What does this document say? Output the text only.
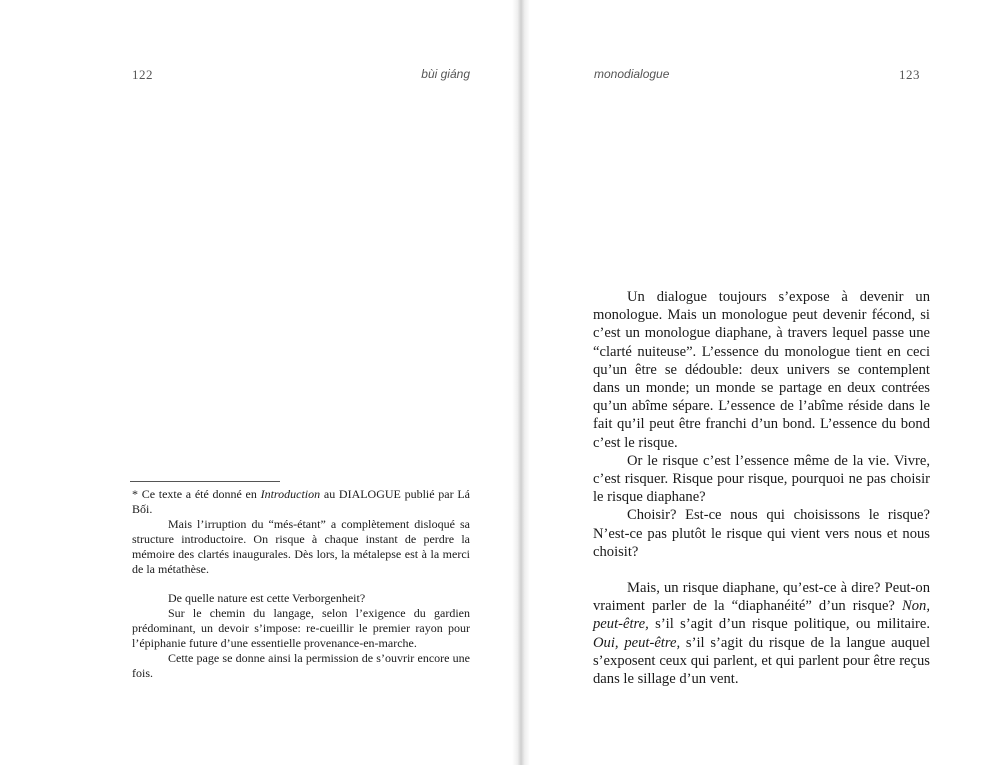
122	bùi giáng

* Ce texte a été donné en Introduction au DIALOGUE publié par Lá Bối.

Mais l’irruption du “més-étant” a complètement disloqué sa structure introductoire. On risque à chaque instant de perdre la mémoire des clartés inaugurales. Dès lors, la métalepse est à la merci de la métathèse.

De quelle nature est cette Verborgenheit?

Sur le chemin du langage, selon l’exigence du gardien prédominant, un devoir s’impose: re-cueillir le premier rayon pour l’épiphanie future d’une essentielle provenance-en-marche.

Cette page se donne ainsi la permission de s’ouvrir encore une fois.

monodialogue	123

Un dialogue toujours s’expose à devenir un monologue. Mais un monologue peut devenir fécond, si c’est un monologue diaphane, à travers lequel passe une “clarté nuiteuse”. L’essence du monologue tient en ceci qu’un être se dédouble: deux univers se contemplent dans un monde; un monde se partage en deux contrées qu’un abîme sépare. L’essence de l’abîme réside dans le fait qu’il peut être franchi d’un bond. L’essence du bond c’est le risque.

Or le risque c’est l’essence même de la vie. Vivre, c’est risquer. Risque pour risque, pourquoi ne pas choisir le risque diaphane?

Choisir? Est-ce nous qui choisissons le risque? N’est-ce pas plutôt le risque qui vient vers nous et nous choisit?

Mais, un risque diaphane, qu’est-ce à dire? Peut-on vraiment parler de la “diaphanéité” d’un risque? Non, peut-être, s’il s’agit d’un risque politique, ou militaire. Oui, peut-être, s’il s’agit du risque de la langue auquel s’exposent ceux qui parlent, et qui parlent pour être reçus dans le sillage d’un vent.
